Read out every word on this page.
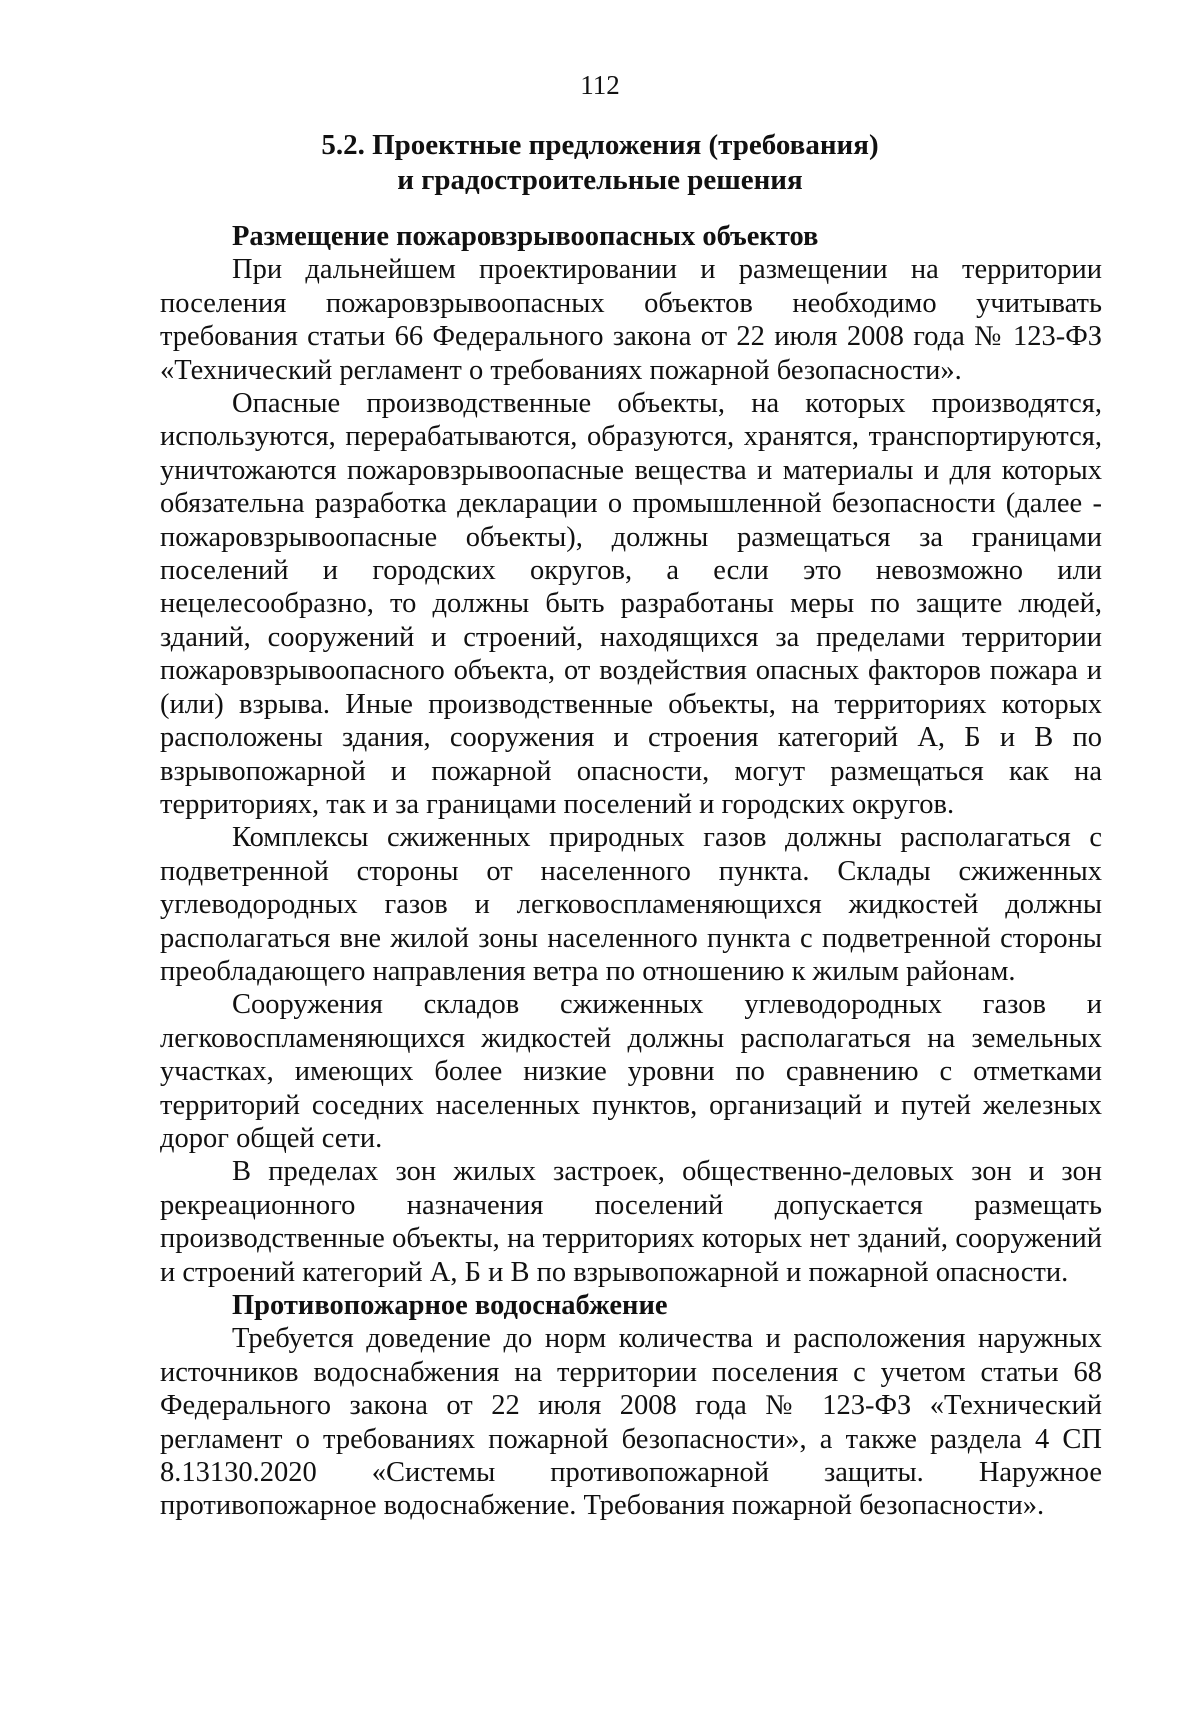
112
5.2. Проектные предложения (требования)
и градостроительные решения

Размещение пожаровзрывоопасных объектов

При дальнейшем проектировании и размещении на территории поселения пожаровзрывоопасных объектов необходимо учитывать требования статьи 66 Федерального закона от 22 июля 2008 года № 123-ФЗ «Технический регламент о требованиях пожарной безопасности».

Опасные производственные объекты, на которых производятся, используются, перерабатываются, образуются, хранятся, транспортируются, уничтожаются пожаровзрывоопасные вещества и материалы и для которых обязательна разработка декларации о промышленной безопасности (далее - пожаровзрывоопасные объекты), должны размещаться за границами поселений и городских округов, а если это невозможно или нецелесообразно, то должны быть разработаны меры по защите людей, зданий, сооружений и строений, находящихся за пределами территории пожаровзрывоопасного объекта, от воздействия опасных факторов пожара и (или) взрыва. Иные производственные объекты, на территориях которых расположены здания, сооружения и строения категорий А, Б и В по взрывопожарной и пожарной опасности, могут размещаться как на территориях, так и за границами поселений и городских округов.

Комплексы сжиженных природных газов должны располагаться с подветренной стороны от населенного пункта. Склады сжиженных углеводородных газов и легковоспламеняющихся жидкостей должны располагаться вне жилой зоны населенного пункта с подветренной стороны преобладающего направления ветра по отношению к жилым районам.

Сооружения складов сжиженных углеводородных газов и легковоспламеняющихся жидкостей должны располагаться на земельных участках, имеющих более низкие уровни по сравнению с отметками территорий соседних населенных пунктов, организаций и путей железных дорог общей сети.

В пределах зон жилых застроек, общественно-деловых зон и зон рекреационного назначения поселений допускается размещать производственные объекты, на территориях которых нет зданий, сооружений и строений категорий А, Б и В по взрывопожарной и пожарной опасности.

Противопожарное водоснабжение

Требуется доведение до норм количества и расположения наружных источников водоснабжения на территории поселения с учетом статьи 68 Федерального закона от 22 июля 2008 года № 123-ФЗ «Технический регламент о требованиях пожарной безопасности», а также раздела 4 СП 8.13130.2020 «Системы противопожарной защиты. Наружное противопожарное водоснабжение. Требования пожарной безопасности».
